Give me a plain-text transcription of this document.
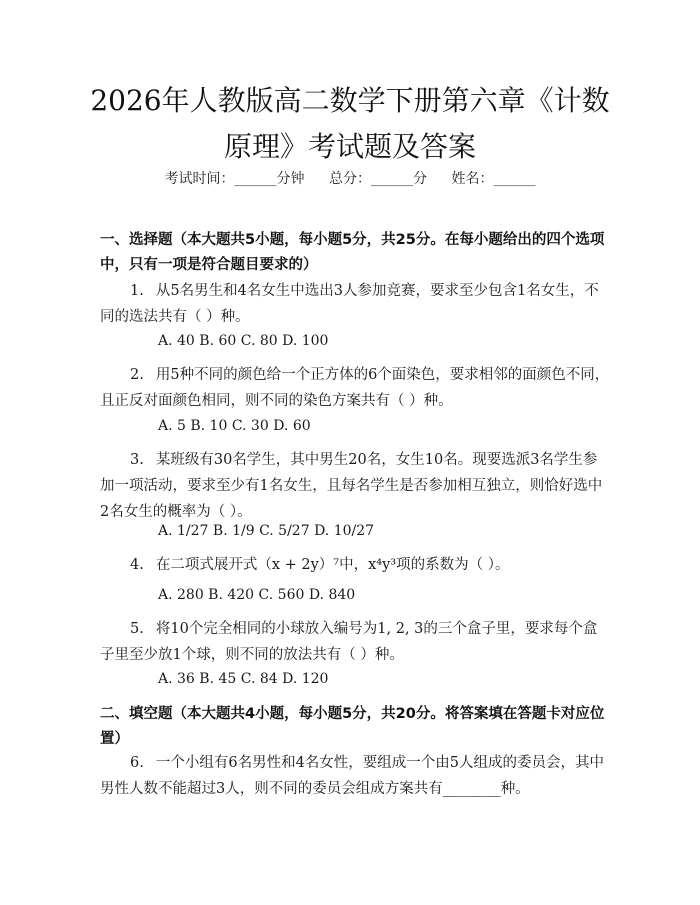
2026年人教版高二数学下册第六章《计数原理》考试题及答案
考试时间：______分钟 总分：______分 姓名：______
一、选择题（本大题共5小题，每小题5分，共25分。在每小题给出的四个选项中，只有一项是符合题目要求的）
1. 从5名男生和4名女生中选出3人参加竞赛，要求至少包含1名女生，不同的选法共有（ ）种。
A. 40 B. 60 C. 80 D. 100
2. 用5种不同的颜色给一个正方体的6个面染色，要求相邻的面颜色不同，且正反对面颜色相同，则不同的染色方案共有（ ）种。
A. 5 B. 10 C. 30 D. 60
3. 某班级有30名学生，其中男生20名，女生10名。现要选派3名学生参加一项活动，要求至少有1名女生，且每名学生是否参加相互独立，则恰好选中2名女生的概率为（ ）。
A. 1/27 B. 1/9 C. 5/27 D. 10/27
4. 在二项式展开式（x + 2y）⁷中，x⁴y³项的系数为（ ）。
A. 280 B. 420 C. 560 D. 840
5. 将10个完全相同的小球放入编号为1, 2, 3的三个盒子里，要求每个盒子里至少放1个球，则不同的放法共有（ ）种。
A. 36 B. 45 C. 84 D. 120
二、填空题（本大题共4小题，每小题5分，共20分。将答案填在答题卡对应位置）
6. 一个小组有6名男性和4名女性，要组成一个由5人组成的委员会，其中男性人数不能超过3人，则不同的委员会组成方案共有________种。
